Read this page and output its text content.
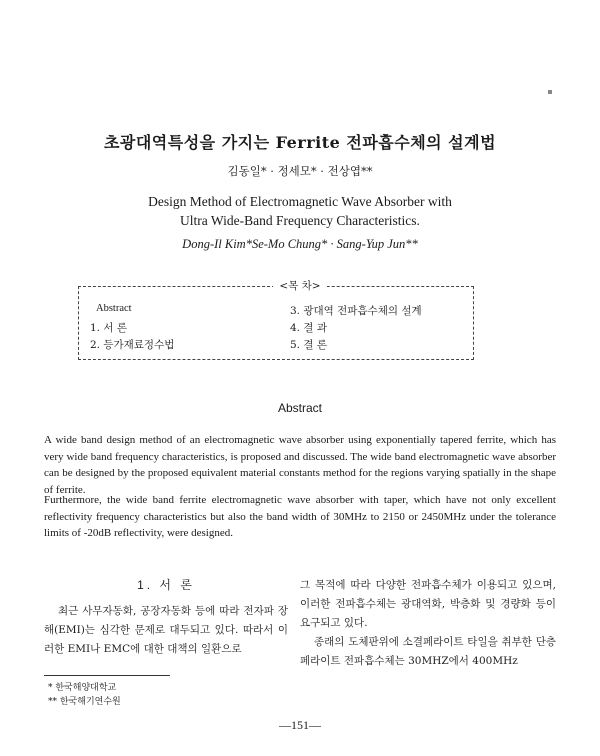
초광대역특성을 가지는 Ferrite 전파흡수체의 설계법
김동일* · 정세모* · 전상엽**
Design Method of Electromagnetic Wave Absorber with
Ultra Wide-Band Frequency Characteristics.
Dong-Il Kim*Se-Mo Chung* · Sang-Yup Jun**
<목 차>
Abstract
1. 서 론
2. 등가재료정수법
3. 광대역 전파흡수체의 설계
4. 결 과
5. 결 론
Abstract
A wide band design method of an electromagnetic wave absorber using exponentially tapered ferrite, which has very wide band frequency characteristics, is proposed and discussed. The wide band electromagnetic wave absorber can be designed by the proposed equivalent material constants method for the regions varying spatially in the shape of ferrite.
Furthermore, the wide band ferrite electromagnetic wave absorber with taper, which have not only excellent reflectivity frequency characteristics but also the band width of 30MHz to 2150 or 2450MHz under the tolerance limits of -20dB reflectivity, were designed.
1. 서 론
최근 사무자동화, 공장자동화 등에 따라 전자파 장해(EMI)는 심각한 문제로 대두되고 있다. 따라서 이러한 EMI나 EMC에 대한 대책의 일환으로

그 목적에 따라 다양한 전파흡수체가 이용되고 있으며, 이러한 전파흡수체는 광대역화, 박층화 및 경량화 등이 요구되고 있다.

종래의 도체판위에 소결페라이트 타일을 취부한 단층페라이트 전파흡수체는 30MHZ에서 400MHz

* 한국해양대학교
** 한국해기연수원
—151—
